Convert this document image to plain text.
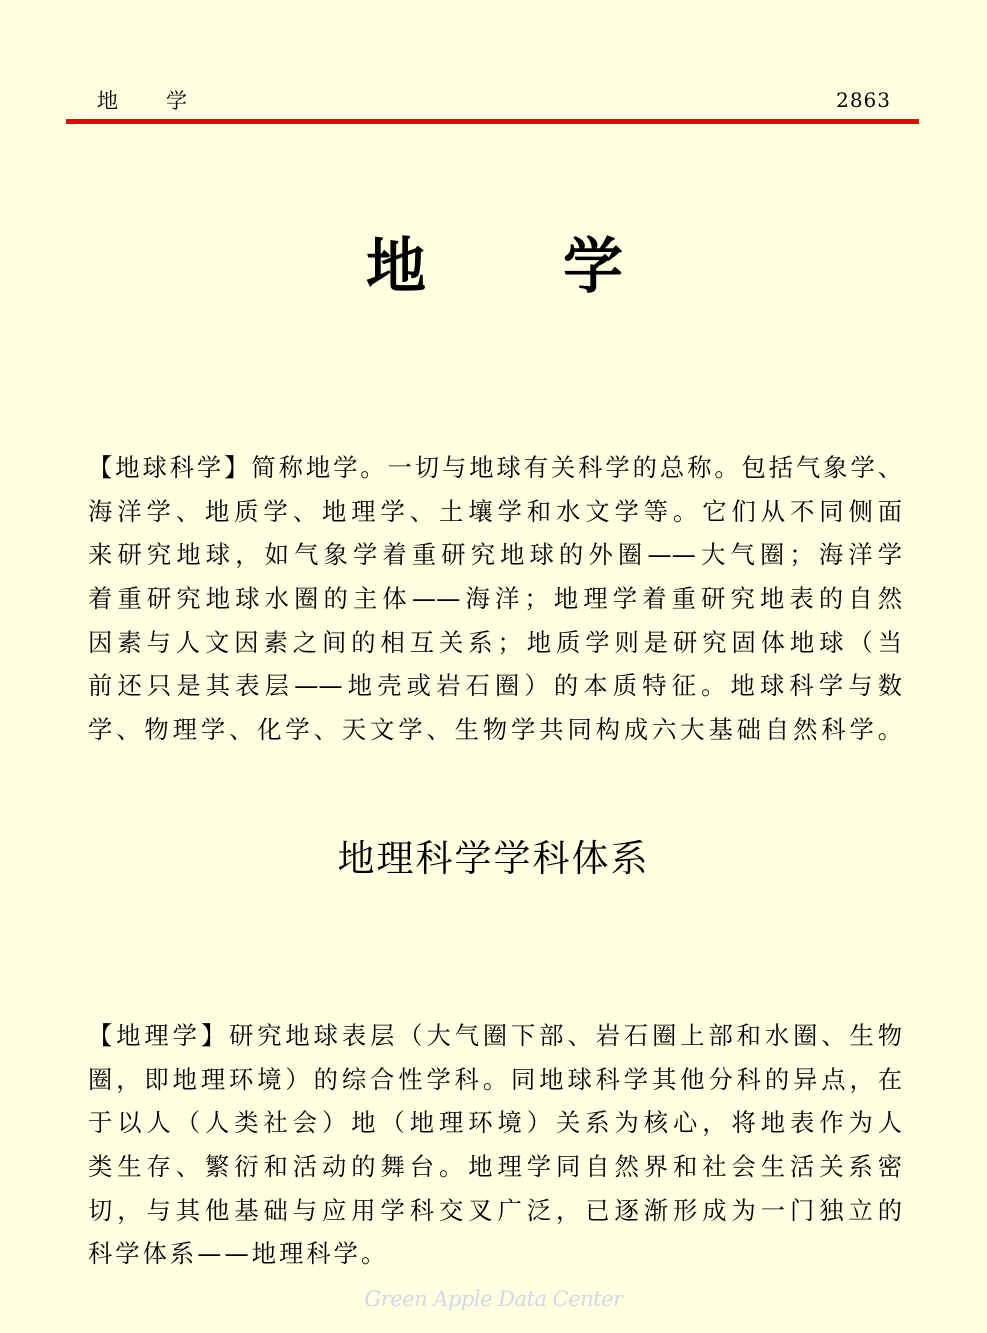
地学	2863
地学
【地球科学】简称地学。一切与地球有关科学的总称。包括气象学、
海洋学、地质学、地理学、土壤学和水文学等。它们从不同侧面
来研究地球，如气象学着重研究地球的外圈——大气圈；海洋学
着重研究地球水圈的主体——海洋；地理学着重研究地表的自然
因素与人文因素之间的相互关系；地质学则是研究固体地球（当
前还只是其表层——地壳或岩石圈）的本质特征。地球科学与数
学、物理学、化学、天文学、生物学共同构成六大基础自然科学。
地理科学学科体系
【地理学】研究地球表层（大气圈下部、岩石圈上部和水圈、生物
圈，即地理环境）的综合性学科。同地球科学其他分科的异点，在
于以人（人类社会）地（地理环境）关系为核心，将地表作为人
类生存、繁衍和活动的舞台。地理学同自然界和社会生活关系密
切，与其他基础与应用学科交叉广泛，已逐渐形成为一门独立的
科学体系——地理科学。
Green Apple Data Center
